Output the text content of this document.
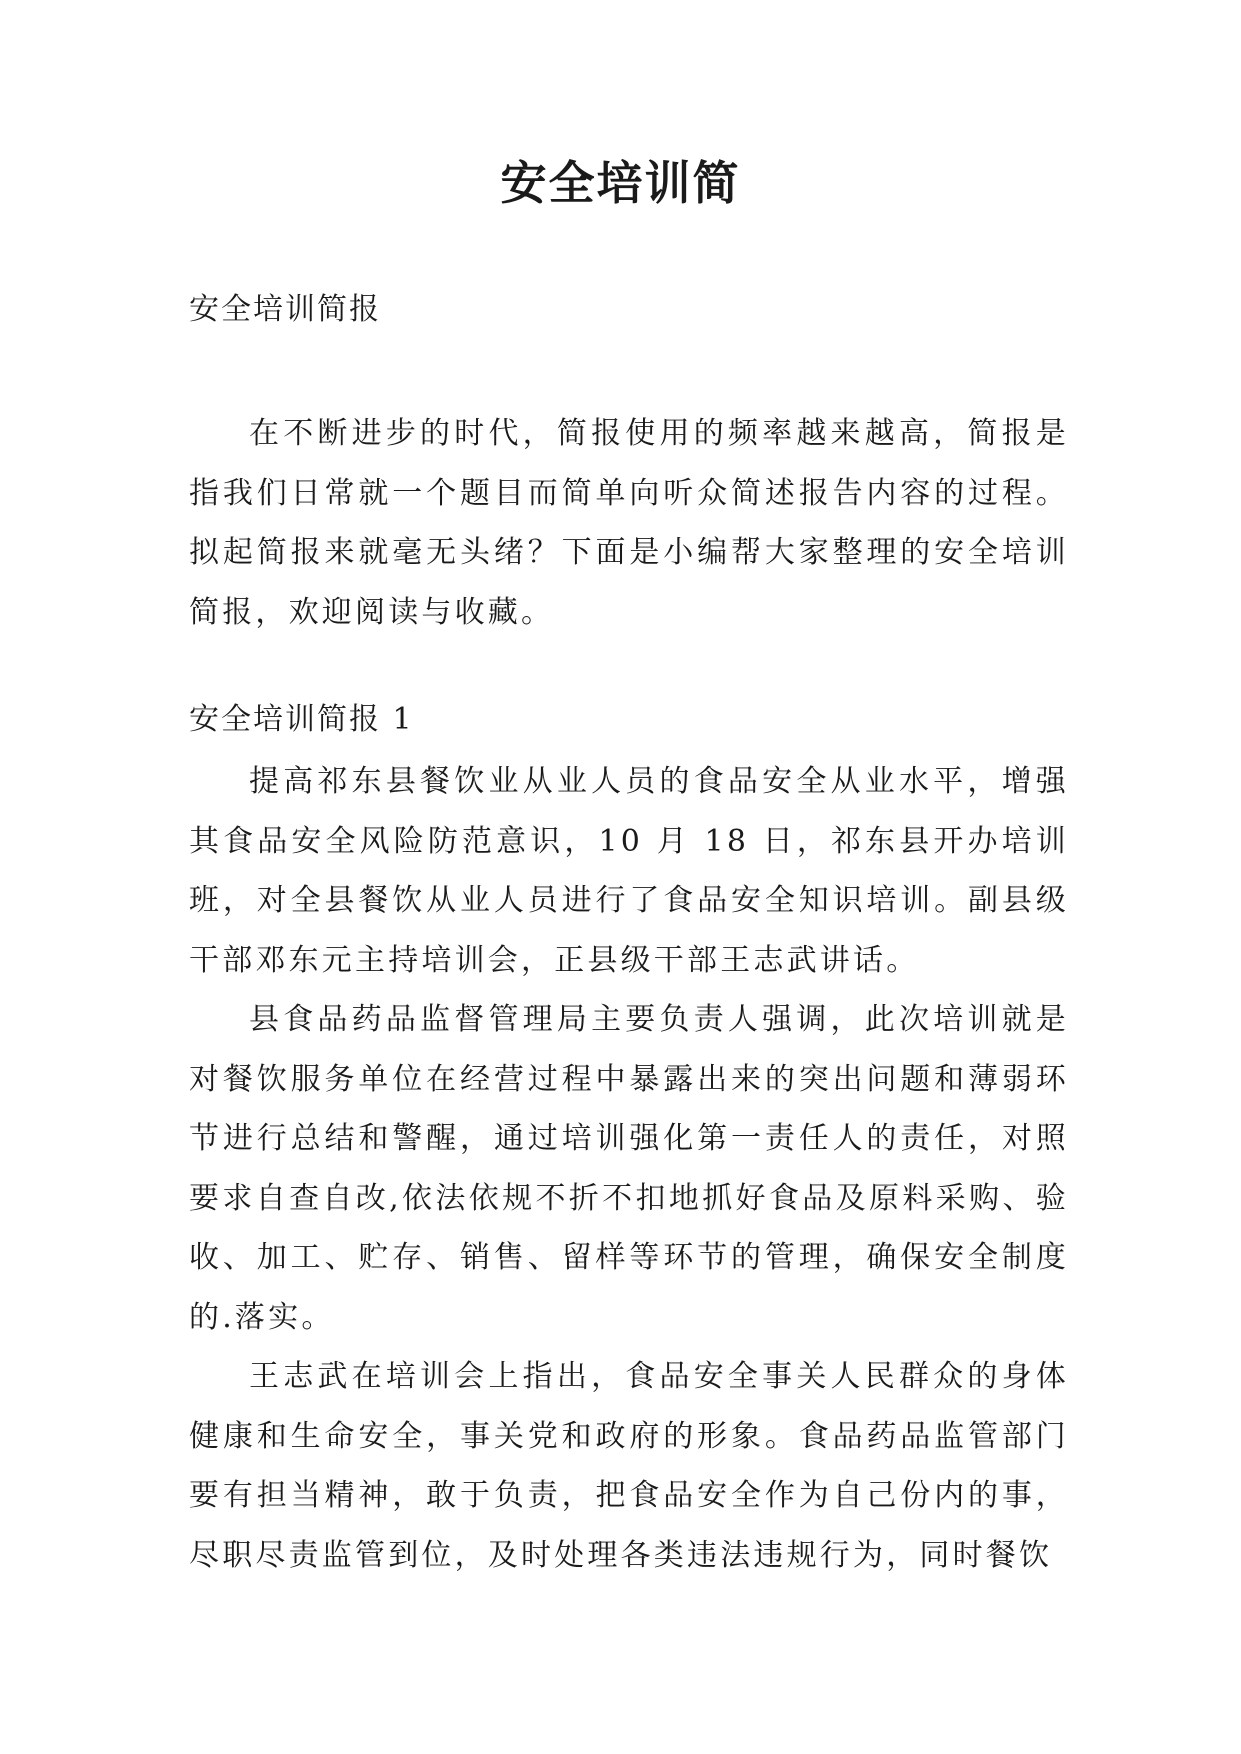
安全培训简
安全培训简报

在不断进步的时代，简报使用的频率越来越高，简报是指我们日常就一个题目而简单向听众简述报告内容的过程。拟起简报来就毫无头绪？下面是小编帮大家整理的安全培训简报，欢迎阅读与收藏。

安全培训简报 1

提高祁东县餐饮业从业人员的食品安全从业水平，增强其食品安全风险防范意识，10 月 18 日，祁东县开办培训班，对全县餐饮从业人员进行了食品安全知识培训。副县级干部邓东元主持培训会，正县级干部王志武讲话。

县食品药品监督管理局主要负责人强调，此次培训就是对餐饮服务单位在经营过程中暴露出来的突出问题和薄弱环节进行总结和警醒，通过培训强化第一责任人的责任，对照要求自查自改,依法依规不折不扣地抓好食品及原料采购、验收、加工、贮存、销售、留样等环节的管理，确保安全制度的.落实。

王志武在培训会上指出，食品安全事关人民群众的身体健康和生命安全，事关党和政府的形象。食品药品监管部门要有担当精神，敢于负责，把食品安全作为自己份内的事，尽职尽责监管到位，及时处理各类违法违规行为，同时餐饮
